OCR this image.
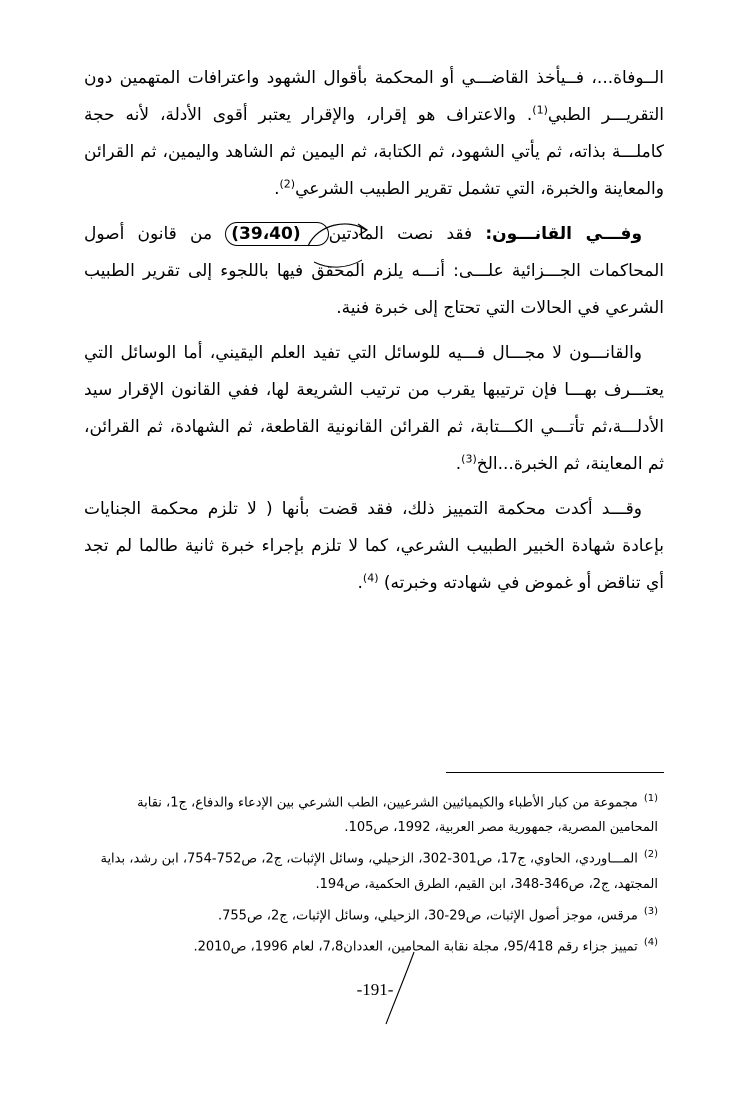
الــوفاة...، فــيأخذ القاضـــي أو المحكمة بأقوال الشهود واعترافات المتهمين دون التقريـــر الطبي$^{(1)}$. والاعتراف هو إقرار، والإقرار يعتبر أقوى الأدلة، لأنه حجة كاملـــة بذاته، ثم يأتي الشهود، ثم الكتابة، ثم اليمين ثم الشاهد واليمين، ثم القرائن والمعاينة والخبرة، التي تشمل تقرير الطبيب الشرعي$^{(2)}$.

وفـــي القانـــون: فقد نصت المادتين(39،40) من قانون أصول المحاكمات الجـــزائية علـــى: أنـــه يلزم المحقق فيها باللجوء إلى تقرير الطبيب الشرعي في الحالات التي تحتاج إلى خبرة فنية.

والقانـــون لا مجـــال فـــيه للوسائل التي تفيد العلم اليقيني، أما الوسائل التي يعتـــرف بهـــا فإن ترتيبها يقرب من ترتيب الشريعة لها، ففي القانون الإقرار سيد الأدلـــة،ثم تأتـــي الكـــتابة، ثم القرائن القانونية القاطعة، ثم الشهادة، ثم القرائن، ثم المعاينة، ثم الخبرة...الخ$^{(3)}$.

وقـــد أكدت محكمة التمييز ذلك، فقد قضت بأنها ( لا تلزم محكمة الجنايات بإعادة شهادة الخبير الطبيب الشرعي، كما لا تلزم بإجراء خبرة ثانية طالما لم تجد أي تناقض أو غموض في شهادته وخبرته) $^{(4)}$.

$^{(1)}$مجموعة من كبار الأطباء والكيميائيين الشرعيين، الطب الشرعي بين الإدعاء والدفاع، ج1، نقابة المحامين المصرية، جمهورية مصر العربية، 1992، ص105.
$^{(2)}$المـــاوردي، الحاوي، ج17، ص301-302، الزحيلي، وسائل الإثبات، ج2، ص752-754، ابن رشد، بداية المجتهد، ج2، ص346-348، ابن القيم، الطرق الحكمية، ص194.
$^{(3)}$مرقس، موجز أصول الإثبات، ص29-30، الزحيلي، وسائل الإثبات، ج2، ص755.
$^{(4)}$تمييز جزاء رقم 95/418، مجلة نقابة المحامين، العددان7،8، لعام 1996، ص2010.
-191-
